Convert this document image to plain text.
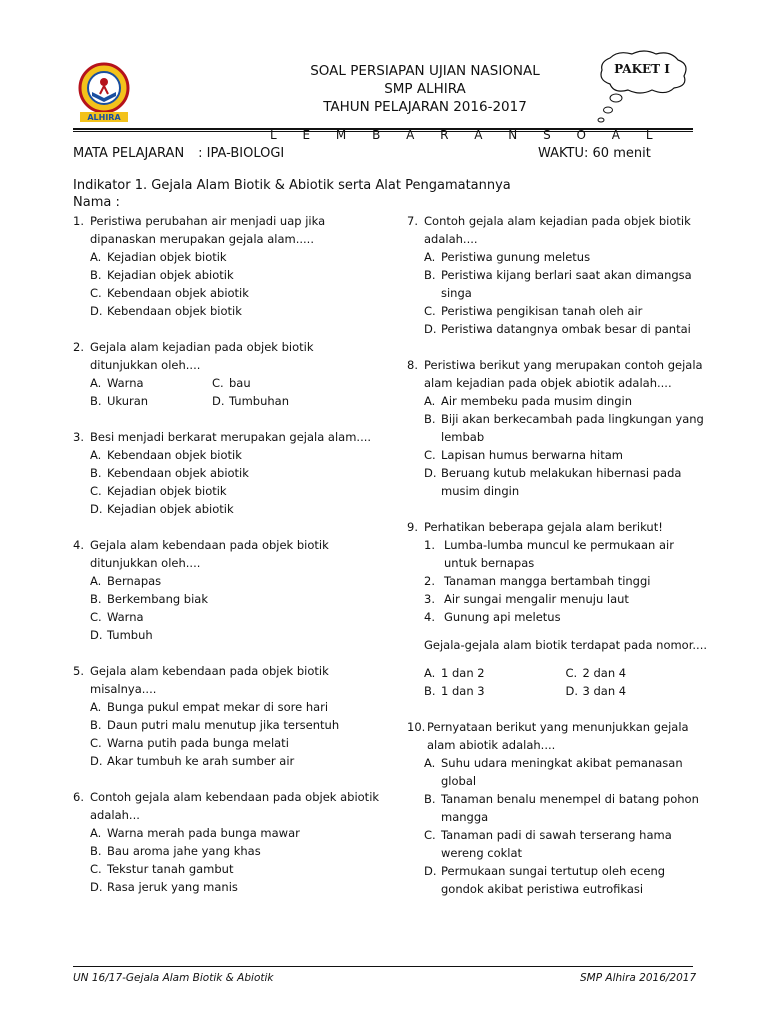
ALHIRA
SOAL PERSIAPAN UJIAN NASIONAL
SMP ALHIRA
TAHUN PELAJARAN 2016-2017
PAKET I
L E M B A R A N S O A L
MATA PELAJARAN : IPA-BIOLOGI	WAKTU: 60 menit
Indikator 1. Gejala Alam Biotik & Abiotik serta Alat Pengamatannya
Nama :
1. Peristiwa perubahan air menjadi uap jika dipanaskan merupakan gejala alam.....
A. Kejadian objek biotik
B. Kejadian objek abiotik
C. Kebendaan objek abiotik
D. Kebendaan objek biotik
2. Gejala alam kejadian pada objek biotik ditunjukkan oleh....
A. Warna	C. bau
B. Ukuran	D. Tumbuhan
3. Besi menjadi berkarat merupakan gejala alam....
A. Kebendaan objek biotik
B. Kebendaan objek abiotik
C. Kejadian objek biotik
D. Kejadian objek abiotik
4. Gejala alam kebendaan pada objek biotik ditunjukkan oleh....
A. Bernapas
B. Berkembang biak
C. Warna
D. Tumbuh
5. Gejala alam kebendaan pada objek biotik misalnya....
A. Bunga pukul empat mekar di sore hari
B. Daun putri malu menutup jika tersentuh
C. Warna putih pada bunga melati
D. Akar tumbuh ke arah sumber air
6. Contoh gejala alam kebendaan pada objek abiotik adalah...
A. Warna merah pada bunga mawar
B. Bau aroma jahe yang khas
C. Tekstur tanah gambut
D. Rasa jeruk yang manis
7. Contoh gejala alam kejadian pada objek biotik adalah....
A. Peristiwa gunung meletus
B. Peristiwa kijang berlari saat akan dimangsa singa
C. Peristiwa pengikisan tanah oleh air
D. Peristiwa datangnya ombak besar di pantai
8. Peristiwa berikut yang merupakan contoh gejala alam kejadian pada objek abiotik adalah....
A. Air membeku pada musim dingin
B. Biji akan berkecambah pada lingkungan yang lembab
C. Lapisan humus berwarna hitam
D. Beruang kutub melakukan hibernasi pada musim dingin
9. Perhatikan beberapa gejala alam berikut!
1. Lumba-lumba muncul ke permukaan air untuk bernapas
2. Tanaman mangga bertambah tinggi
3. Air sungai mengalir menuju laut
4. Gunung api meletus
Gejala-gejala alam biotik terdapat pada nomor....
A. 1 dan 2	C. 2 dan 4
B. 1 dan 3	D. 3 dan 4
10. Pernyataan berikut yang menunjukkan gejala alam abiotik adalah....
A. Suhu udara meningkat akibat pemanasan global
B. Tanaman benalu menempel di batang pohon mangga
C. Tanaman padi di sawah terserang hama wereng coklat
D. Permukaan sungai tertutup oleh eceng gondok akibat peristiwa eutrofikasi
UN 16/17-Gejala Alam Biotik & Abiotik	SMP Alhira 2016/2017
